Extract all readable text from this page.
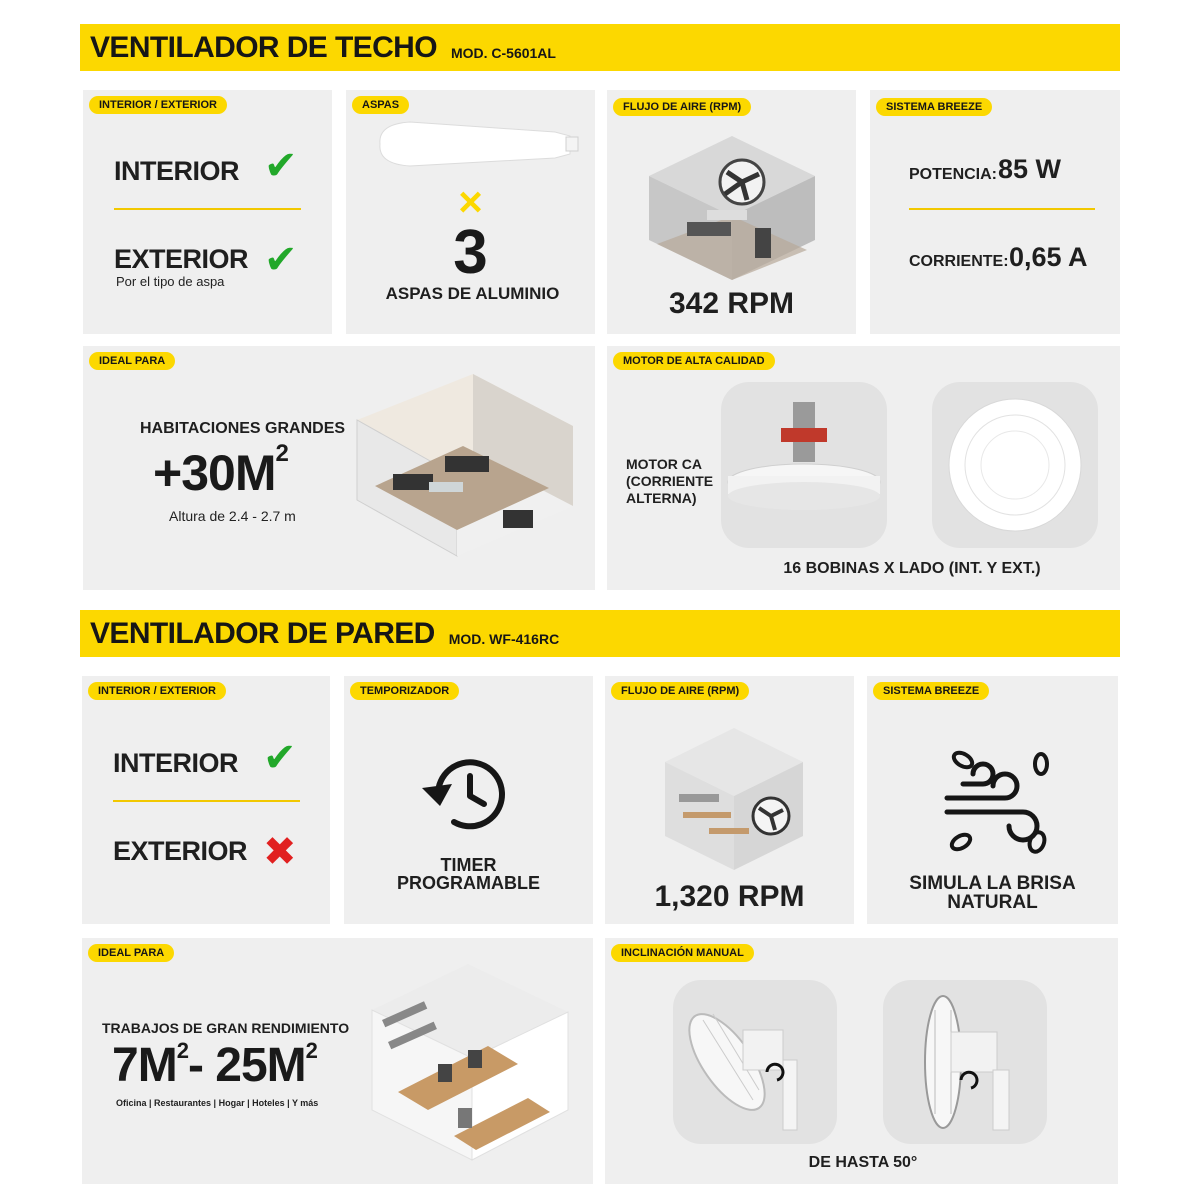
VENTILADOR DE TECHO MOD. C-5601AL
INTERIOR / EXTERIOR
INTERIOR ✔
EXTERIOR
Por el tipo de aspa ✔
ASPAS
×
3
ASPAS DE ALUMINIO
FLUJO DE AIRE (RPM)
342 RPM
SISTEMA BREEZE
POTENCIA: 85 W
CORRIENTE: 0,65 A
IDEAL PARA
HABITACIONES GRANDES
$+30M^2$
Altura de 2.4 - 2.7 m
MOTOR DE ALTA CALIDAD
MOTOR CA
(CORRIENTE
ALTERNA)
16 BOBINAS X LADO (INT. Y EXT.)
VENTILADOR DE PARED MOD. WF-416RC
INTERIOR / EXTERIOR
INTERIOR ✔
EXTERIOR ✖
TEMPORIZADOR
TIMER
PROGRAMABLE
FLUJO DE AIRE (RPM)
1,320 RPM
SISTEMA BREEZE
SIMULA LA BRISA
NATURAL
IDEAL PARA
TRABAJOS DE GRAN RENDIMIENTO
$7M^2-$ $25M^2$
Oficina | Restaurantes | Hogar | Hoteles | Y más
INCLINACIÓN MANUAL
DE HASTA 50°
